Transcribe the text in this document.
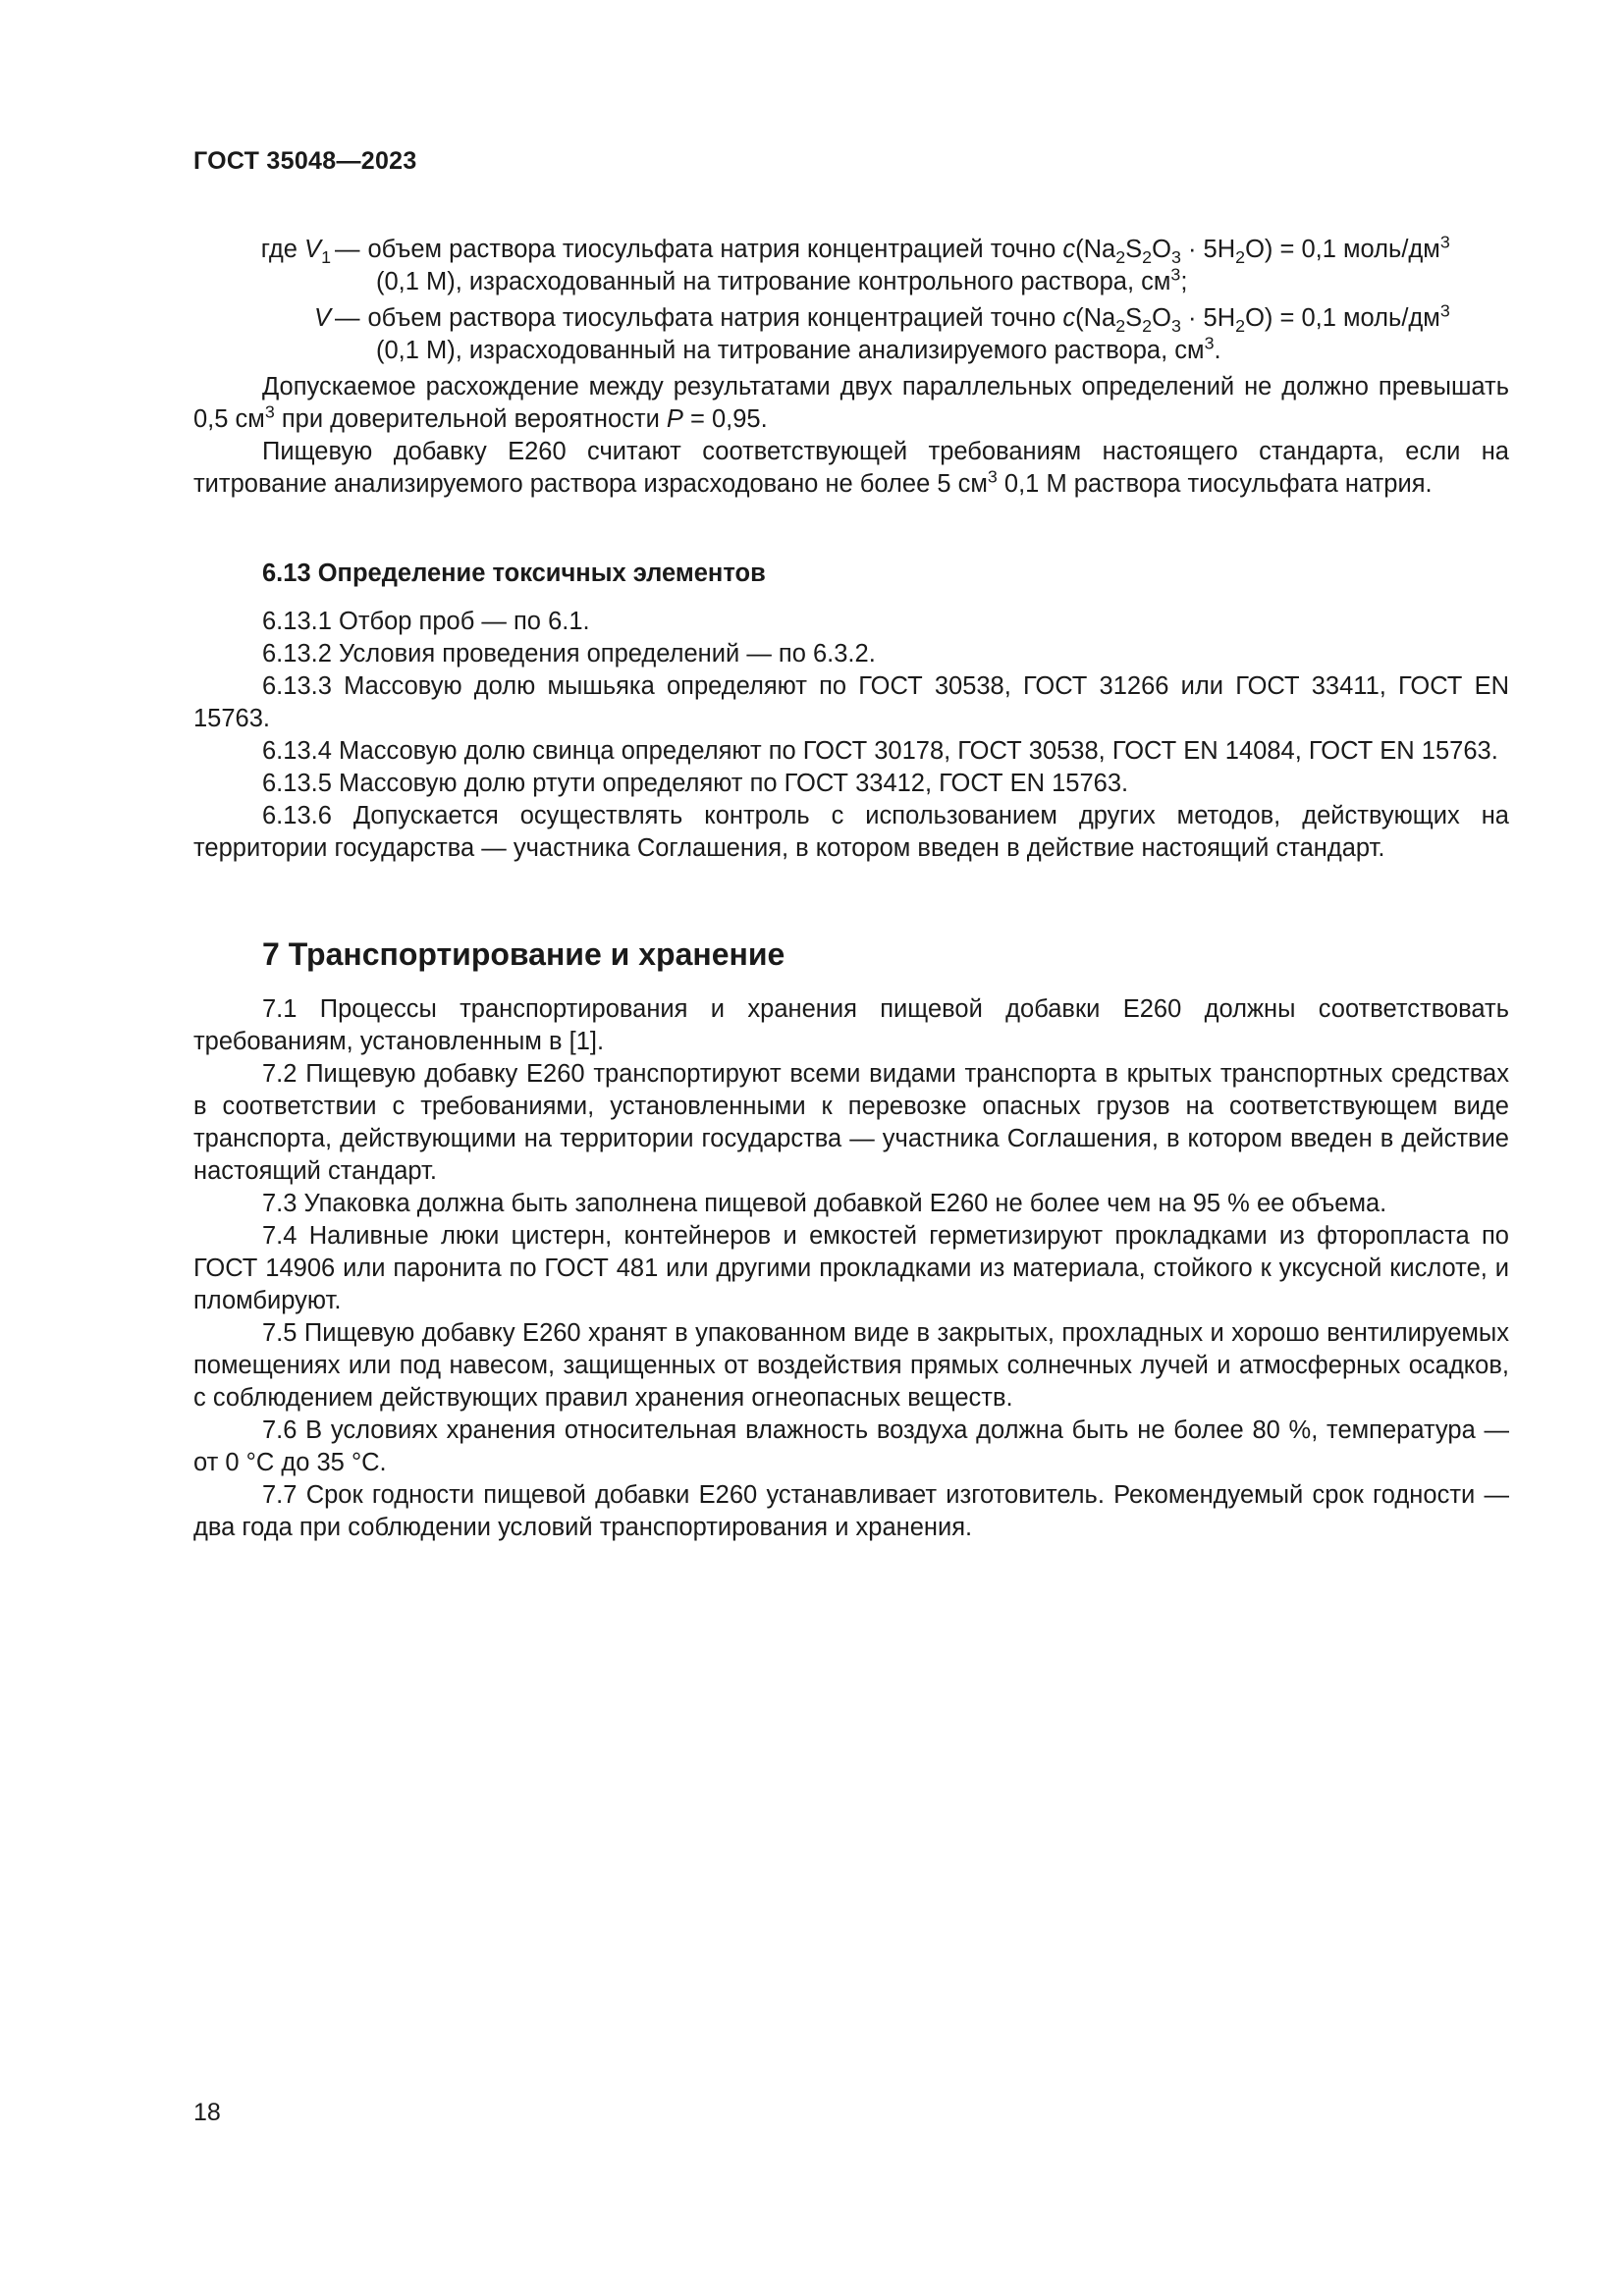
ГОСТ 35048—2023

где $V_1$ — объем раствора тиосульфата натрия концентрацией точно $c(Na_2S_2O_3 \cdot 5H_2O) = 0,1$ моль/$дм^3$
(0,1 М), израсходованный на титрование контрольного раствора, $см^3$;
V — объем раствора тиосульфата натрия концентрацией точно $c(Na_2S_2O_3 \cdot 5H_2O) = 0,1$ моль/$дм^3$
(0,1 М), израсходованный на титрование анализируемого раствора, $см^3$.

Допускаемое расхождение между результатами двух параллельных определений не должно превышать 0,5 $см^3$ при доверительной вероятности P = 0,95.

Пищевую добавку Е260 считают соответствующей требованиям настоящего стандарта, если на титрование анализируемого раствора израсходовано не более 5 $см^3$ 0,1 М раствора тиосульфата натрия.

6.13 Определение токсичных элементов

6.13.1 Отбор проб — по 6.1.

6.13.2 Условия проведения определений — по 6.3.2.

6.13.3 Массовую долю мышьяка определяют по ГОСТ 30538, ГОСТ 31266 или ГОСТ 33411, ГОСТ EN 15763.

6.13.4 Массовую долю свинца определяют по ГОСТ 30178, ГОСТ 30538, ГОСТ EN 14084, ГОСТ EN 15763.

6.13.5 Массовую долю ртути определяют по ГОСТ 33412, ГОСТ EN 15763.

6.13.6 Допускается осуществлять контроль с использованием других методов, действующих на территории государства — участника Соглашения, в котором введен в действие настоящий стандарт.

7 Транспортирование и хранение

7.1 Процессы транспортирования и хранения пищевой добавки Е260 должны соответствовать требованиям, установленным в [1].

7.2 Пищевую добавку Е260 транспортируют всеми видами транспорта в крытых транспортных средствах в соответствии с требованиями, установленными к перевозке опасных грузов на соответствующем виде транспорта, действующими на территории государства — участника Соглашения, в котором введен в действие настоящий стандарт.

7.3 Упаковка должна быть заполнена пищевой добавкой Е260 не более чем на 95 % ее объема.

7.4 Наливные люки цистерн, контейнеров и емкостей герметизируют прокладками из фторопласта по ГОСТ 14906 или паронита по ГОСТ 481 или другими прокладками из материала, стойкого к уксусной кислоте, и пломбируют.

7.5 Пищевую добавку Е260 хранят в упакованном виде в закрытых, прохладных и хорошо вентилируемых помещениях или под навесом, защищенных от воздействия прямых солнечных лучей и атмосферных осадков, с соблюдением действующих правил хранения огнеопасных веществ.

7.6 В условиях хранения относительная влажность воздуха должна быть не более 80 %, температура — от 0 °С до 35 °С.

7.7 Срок годности пищевой добавки Е260 устанавливает изготовитель. Рекомендуемый срок годности — два года при соблюдении условий транспортирования и хранения.

18
